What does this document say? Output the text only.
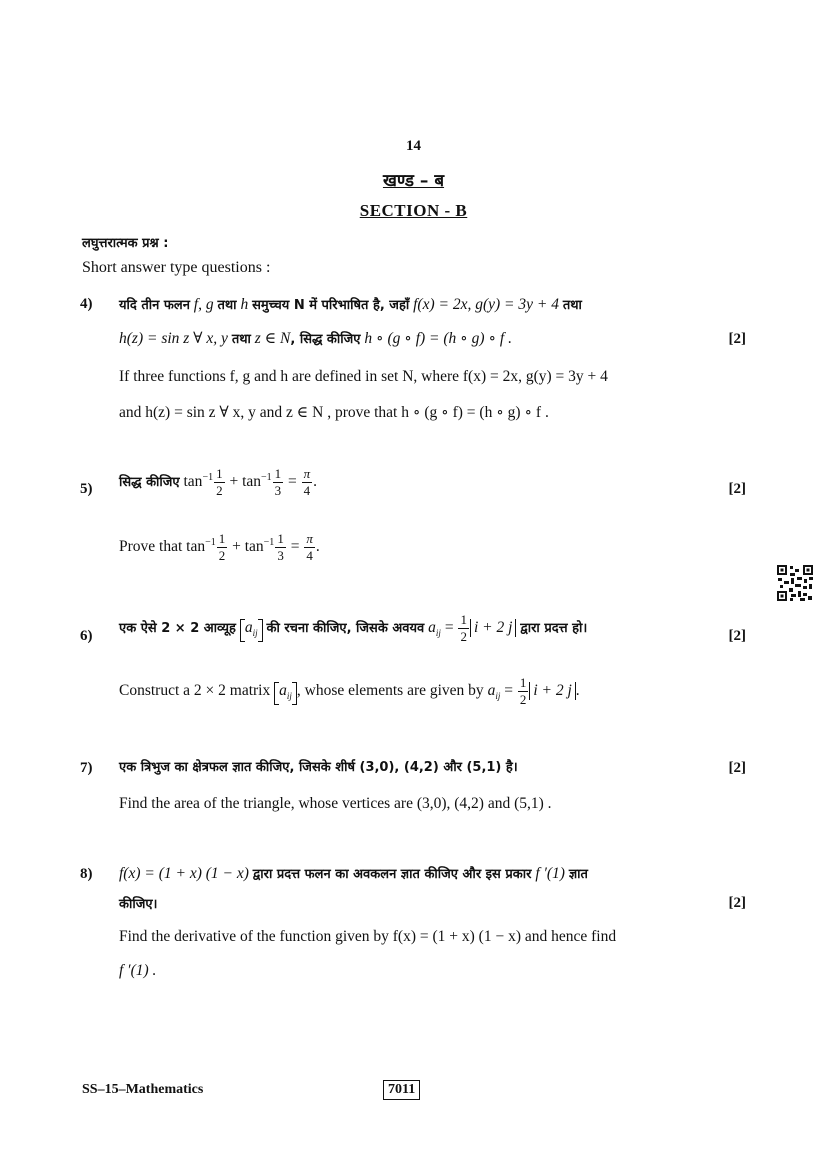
14
खण्ड – ब
SECTION - B
लघुत्तरात्मक प्रश्न :
Short answer type questions :
4) यदि तीन फलन f, g तथा h समुच्चय N में परिभाषित है, जहाँ f(x) = 2x, g(y) = 3y + 4 तथा
h(z) = sin z ∀ x, y तथा z ∈ N, सिद्ध कीजिए h ∘ (g ∘ f) = (h ∘ g) ∘ f .	[2]
If three functions f, g and h are defined in set N, where f(x) = 2x, g(y) = 3y + 4
and h(z) = sin z ∀ x, y and z ∈ N , prove that h ∘ (g ∘ f) = (h ∘ g) ∘ f .
5) सिद्ध कीजिए $\tan^{-1} \frac{1}{2} + \tan^{-1} \frac{1}{3} = \frac{\pi}{4}$ .	[2]
Prove that $\tan^{-1} \frac{1}{2} + \tan^{-1} \frac{1}{3} = \frac{\pi}{4}$ .
6) एक ऐसे 2 × 2 आव्यूह $a_{ij}$ की रचना कीजिए, जिसके अवयव $a_{ij} = \frac{1}{2}$ i + 2 j द्वारा प्रदत्त हो।	[2]
Construct a 2 × 2 matrix $a_{ij}$ , whose elements are given by $a_{ij} = \frac{1}{2}$ i + 2 j .
7) एक त्रिभुज का क्षेत्रफल ज्ञात कीजिए, जिसके शीर्ष (3,0), (4,2) और (5,1) है।	[2]
Find the area of the triangle, whose vertices are (3,0), (4,2) and (5,1) .
8) f(x) = (1 + x) (1 − x) द्वारा प्रदत्त फलन का अवकलन ज्ञात कीजिए और इस प्रकार f ′(1) ज्ञात
कीजिए।	[2]
Find the derivative of the function given by f(x) = (1 + x) (1 − x) and hence find
f ′(1) .
SS–15–Mathematics	7011
